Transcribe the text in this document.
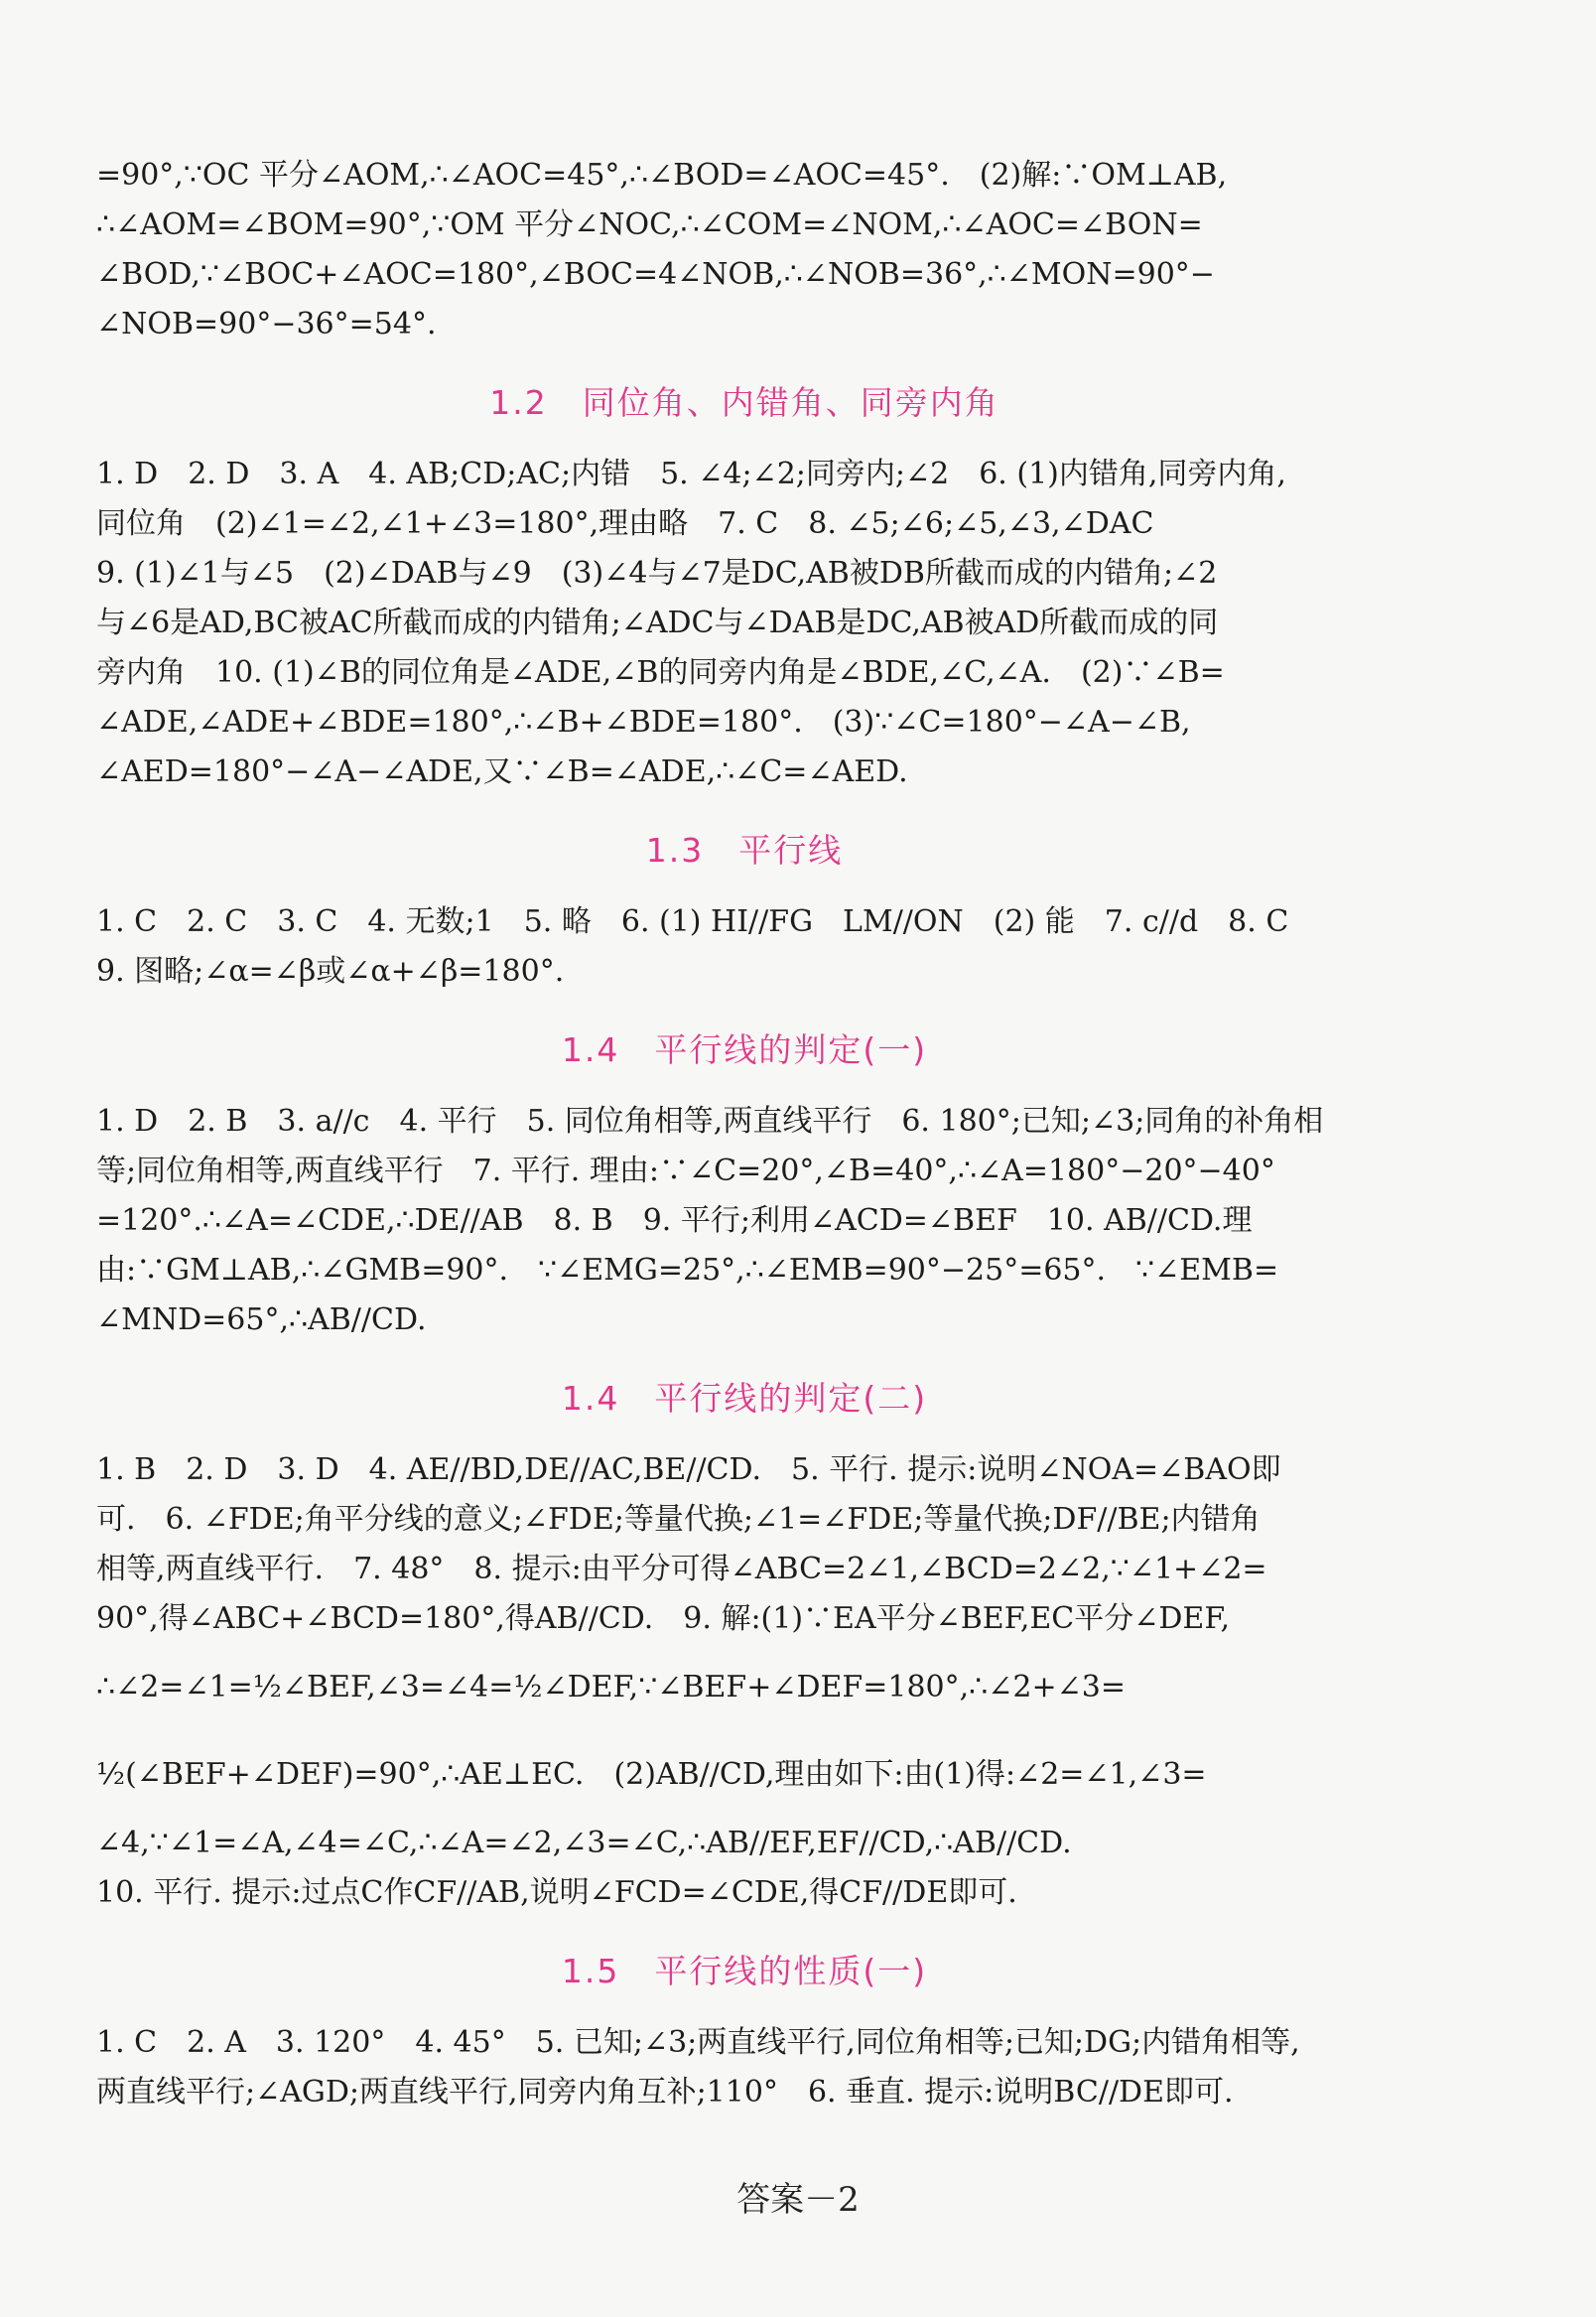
=90°,∵OC 平分∠AOM,∴∠AOC=45°,∴∠BOD=∠AOC=45°.　(2)解:∵OM⊥AB,
∴∠AOM=∠BOM=90°,∵OM 平分∠NOC,∴∠COM=∠NOM,∴∠AOC=∠BON=
∠BOD,∵∠BOC+∠AOC=180°,∠BOC=4∠NOB,∴∠NOB=36°,∴∠MON=90°−
∠NOB=90°−36°=54°.

1.2　同位角、内错角、同旁内角

1. D　2. D　3. A　4. AB;CD;AC;内错　5. ∠4;∠2;同旁内;∠2　6. (1)内错角,同旁内角,
同位角　(2)∠1=∠2,∠1+∠3=180°,理由略　7. C　8. ∠5;∠6;∠5,∠3,∠DAC
9. (1)∠1与∠5　(2)∠DAB与∠9　(3)∠4与∠7是DC,AB被DB所截而成的内错角;∠2
与∠6是AD,BC被AC所截而成的内错角;∠ADC与∠DAB是DC,AB被AD所截而成的同
旁内角　10. (1)∠B的同位角是∠ADE,∠B的同旁内角是∠BDE,∠C,∠A.　(2)∵∠B=
∠ADE,∠ADE+∠BDE=180°,∴∠B+∠BDE=180°.　(3)∵∠C=180°−∠A−∠B,
∠AED=180°−∠A−∠ADE,又∵∠B=∠ADE,∴∠C=∠AED.

1.3　平行线

1. C　2. C　3. C　4. 无数;1　5. 略　6. (1) HI//FG　LM//ON　(2) 能　7. c//d　8. C
9. 图略;∠α=∠β或∠α+∠β=180°.

1.4　平行线的判定(一)

1. D　2. B　3. a//c　4. 平行　5. 同位角相等,两直线平行　6. 180°;已知;∠3;同角的补角相
等;同位角相等,两直线平行　7. 平行. 理由:∵∠C=20°,∠B=40°,∴∠A=180°−20°−40°
=120°.∴∠A=∠CDE,∴DE//AB　8. B　9. 平行;利用∠ACD=∠BEF　10. AB//CD.理
由:∵GM⊥AB,∴∠GMB=90°.　∵∠EMG=25°,∴∠EMB=90°−25°=65°.　∵∠EMB=
∠MND=65°,∴AB//CD.

1.4　平行线的判定(二)

1. B　2. D　3. D　4. AE//BD,DE//AC,BE//CD.　5. 平行. 提示:说明∠NOA=∠BAO即
可.　6. ∠FDE;角平分线的意义;∠FDE;等量代换;∠1=∠FDE;等量代换;DF//BE;内错角
相等,两直线平行.　7. 48°　8. 提示:由平分可得∠ABC=2∠1,∠BCD=2∠2,∵∠1+∠2=
90°,得∠ABC+∠BCD=180°,得AB//CD.　9. 解:(1)∵EA平分∠BEF,EC平分∠DEF,
∴∠2=∠1=½∠BEF,∠3=∠4=½∠DEF,∵∠BEF+∠DEF=180°,∴∠2+∠3=
½(∠BEF+∠DEF)=90°,∴AE⊥EC.　(2)AB//CD,理由如下:由(1)得:∠2=∠1,∠3=
∠4,∵∠1=∠A,∠4=∠C,∴∠A=∠2,∠3=∠C,∴AB//EF,EF//CD,∴AB//CD.
10. 平行. 提示:过点C作CF//AB,说明∠FCD=∠CDE,得CF//DE即可.

1.5　平行线的性质(一)

1. C　2. A　3. 120°　4. 45°　5. 已知;∠3;两直线平行,同位角相等;已知;DG;内错角相等,
两直线平行;∠AGD;两直线平行,同旁内角互补;110°　6. 垂直. 提示:说明BC//DE即可.

答案－2
